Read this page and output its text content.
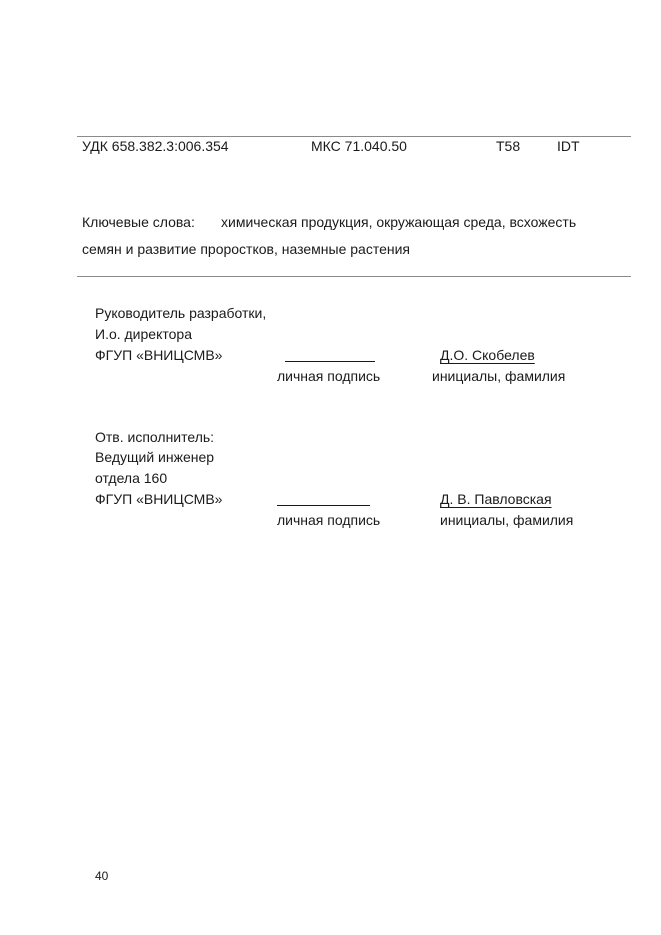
УДК 658.382.3:006.354	МКС 71.040.50	Т58	IDT
Ключевые слова: химическая продукция, окружающая среда, всхожесть
семян и развитие проростков, наземные растения
Руководитель разработки,
И.о. директора
ФГУП «ВНИЦСМВ»	Д.О. Скобелев
личная подпись	инициалы, фамилия
Отв. исполнитель:
Ведущий инженер
отдела 160
ФГУП «ВНИЦСМВ»	Д. В. Павловская
личная подпись	инициалы, фамилия
40
